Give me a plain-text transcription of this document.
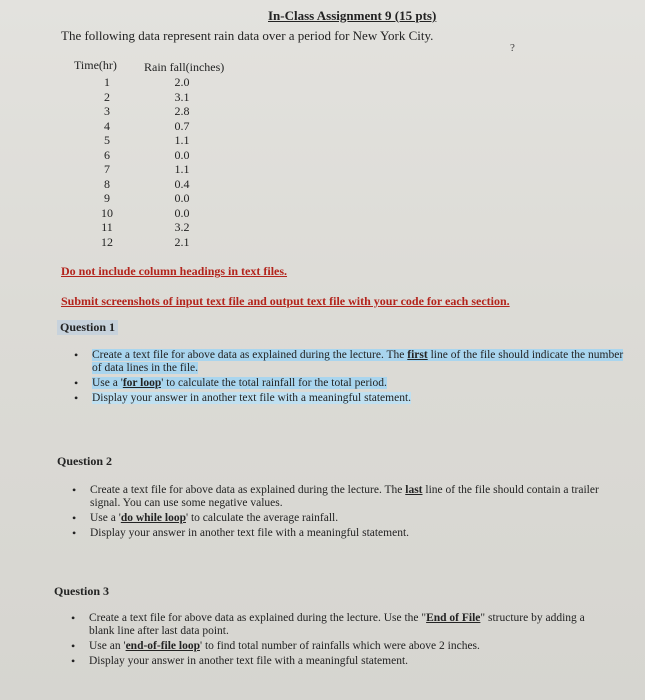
In-Class Assignment 9 (15 pts)
The following data represent rain data over a period for New York City.
?
Time(hr) Rain fall(inches)
1	2.0
2	3.1
3	2.8
4	0.7
5	1.1
6	0.0
7	1.1
8	0.4
9	0.0
10	0.0
11	3.2
12	2.1
Do not include column headings in text files.
Submit screenshots of input text file and output text file with your code for each section.
Question 1
• Create a text file for above data as explained during the lecture. The first line of the file should indicate the number of data lines in the file.
• Use a 'for loop' to calculate the total rainfall for the total period.
• Display your answer in another text file with a meaningful statement.
Question 2
• Create a text file for above data as explained during the lecture. The last line of the file should contain a trailer signal. You can use some negative values.
• Use a 'do while loop' to calculate the average rainfall.
• Display your answer in another text file with a meaningful statement.
Question 3
• Create a text file for above data as explained during the lecture. Use the "End of File" structure by adding a blank line after last data point.
• Use an 'end-of-file loop' to find total number of rainfalls which were above 2 inches.
• Display your answer in another text file with a meaningful statement.
